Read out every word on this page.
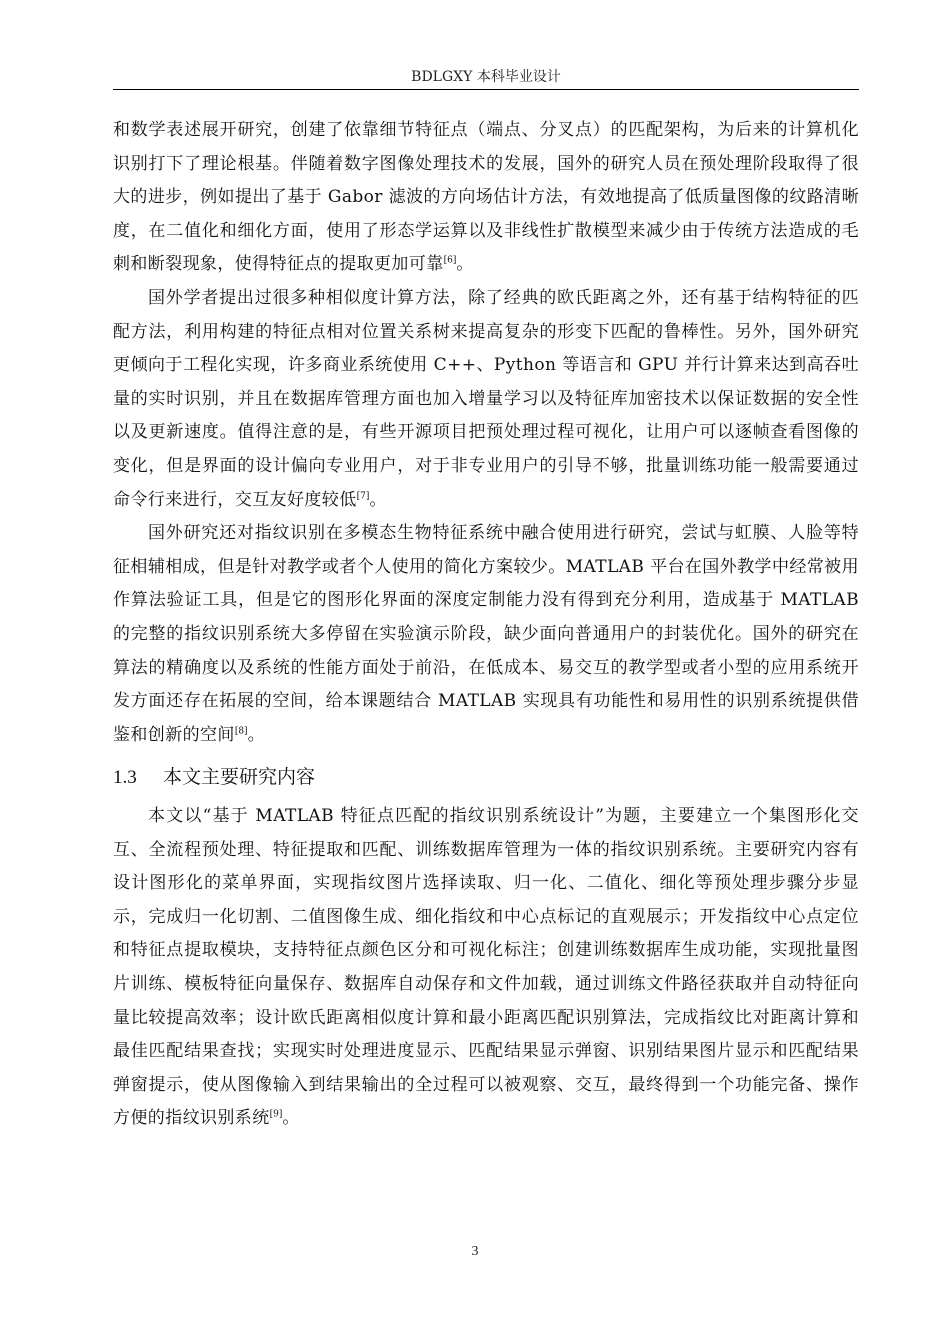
BDLGXY 本科毕业设计

和数学表述展开研究，创建了依靠细节特征点（端点、分叉点）的匹配架构，为后来的计算机化识别打下了理论根基。伴随着数字图像处理技术的发展，国外的研究人员在预处理阶段取得了很大的进步，例如提出了基于 Gabor 滤波的方向场估计方法，有效地提高了低质量图像的纹路清晰度，在二值化和细化方面，使用了形态学运算以及非线性扩散模型来减少由于传统方法造成的毛刺和断裂现象，使得特征点的提取更加可靠[6]。

国外学者提出过很多种相似度计算方法，除了经典的欧氏距离之外，还有基于结构特征的匹配方法，利用构建的特征点相对位置关系树来提高复杂的形变下匹配的鲁棒性。另外，国外研究更倾向于工程化实现，许多商业系统使用 C++、Python 等语言和 GPU 并行计算来达到高吞吐量的实时识别，并且在数据库管理方面也加入增量学习以及特征库加密技术以保证数据的安全性以及更新速度。值得注意的是，有些开源项目把预处理过程可视化，让用户可以逐帧查看图像的变化，但是界面的设计偏向专业用户，对于非专业用户的引导不够，批量训练功能一般需要通过命令行来进行，交互友好度较低[7]。

国外研究还对指纹识别在多模态生物特征系统中融合使用进行研究，尝试与虹膜、人脸等特征相辅相成，但是针对教学或者个人使用的简化方案较少。MATLAB 平台在国外教学中经常被用作算法验证工具，但是它的图形化界面的深度定制能力没有得到充分利用，造成基于 MATLAB 的完整的指纹识别系统大多停留在实验演示阶段，缺少面向普通用户的封装优化。国外的研究在算法的精确度以及系统的性能方面处于前沿，在低成本、易交互的教学型或者小型的应用系统开发方面还存在拓展的空间，给本课题结合 MATLAB 实现具有功能性和易用性的识别系统提供借鉴和创新的空间[8]。

1.3 本文主要研究内容

本文以“基于 MATLAB 特征点匹配的指纹识别系统设计”为题，主要建立一个集图形化交互、全流程预处理、特征提取和匹配、训练数据库管理为一体的指纹识别系统。主要研究内容有设计图形化的菜单界面，实现指纹图片选择读取、归一化、二值化、细化等预处理步骤分步显示，完成归一化切割、二值图像生成、细化指纹和中心点标记的直观展示；开发指纹中心点定位和特征点提取模块，支持特征点颜色区分和可视化标注；创建训练数据库生成功能，实现批量图片训练、模板特征向量保存、数据库自动保存和文件加载，通过训练文件路径获取并自动特征向量比较提高效率；设计欧氏距离相似度计算和最小距离匹配识别算法，完成指纹比对距离计算和最佳匹配结果查找；实现实时处理进度显示、匹配结果显示弹窗、识别结果图片显示和匹配结果弹窗提示，使从图像输入到结果输出的全过程可以被观察、交互，最终得到一个功能完备、操作方便的指纹识别系统[9]。

3
